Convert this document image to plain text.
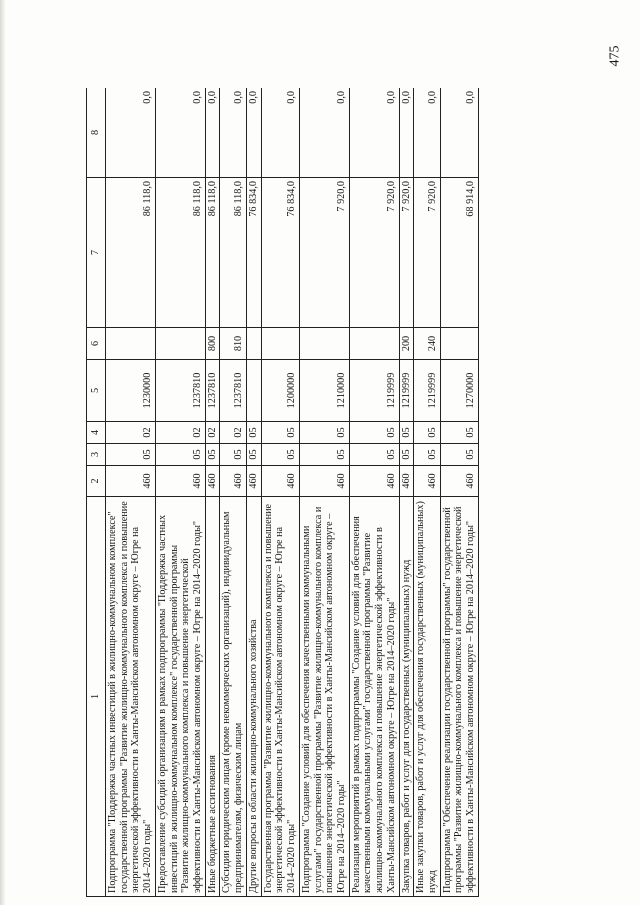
475
1	2	3	4	5	6	7	8
Подпрограмма "Поддержка частных инвестиций в жилищно-коммунальном комплексе" государственной программы "Развитие жилищно-коммунального комплекса и повышение энергетической эффективности в Ханты-Мансийском автономном округе – Югре на 2014–2020 годы"	460	05	02	1230000		86 118,0	0,0
Предоставление субсидий организациям в рамках подпрограммы "Поддержка частных инвестиций в жилищно-коммунальном комплексе" государственной программы "Развитие жилищно-коммунального комплекса и повышение энергетической эффективности в Ханты-Мансийском автономном округе – Югре на 2014–2020 годы"	460	05	02	1237810		86 118,0	0,0
Иные бюджетные ассигнования	460	05	02	1237810	800	86 118,0	0,0
Субсидии юридическим лицам (кроме некоммерческих организаций), индивидуальным предпринимателям, физическим лицам	460	05	02	1237810	810	86 118,0	0,0
Другие вопросы в области жилищно-коммунального хозяйства	460	05	05			76 834,0	0,0
Государственная программа "Развитие жилищно-коммунального комплекса и повышение энергетической эффективности в Ханты-Мансийском автономном округе – Югре на 2014–2020 годы"	460	05	05	1200000		76 834,0	0,0
Подпрограмма "Создание условий для обеспечения качественными коммунальными услугами" государственной программы "Развитие жилищно-коммунального комплекса и повышение энергетической эффективности в Ханты-Мансийском автономном округе – Югре на 2014–2020 годы"	460	05	05	1210000		7 920,0	0,0
Реализация мероприятий в рамках подпрограммы "Создание условий для обеспечения качественными коммунальными услугами" государственной программы "Развитие жилищно-коммунального комплекса и повышение энергетической эффективности в Ханты-Мансийском автономном округе – Югре на 2014–2020 годы"	460	05	05	1219999		7 920,0	0,0
Закупка товаров, работ и услуг для государственных (муниципальных) нужд	460	05	05	1219999	200	7 920,0	0,0
Иные закупки товаров, работ и услуг для обеспечения государственных (муниципальных) нужд	460	05	05	1219999	240	7 920,0	0,0
Подпрограмма "Обеспечение реализации государственной программы" государственной программы "Развитие жилищно-коммунального комплекса и повышение энергетической эффективности в Ханты-Мансийском автономном округе – Югре на 2014–2020 годы"	460	05	05	1270000		68 914,0	0,0
